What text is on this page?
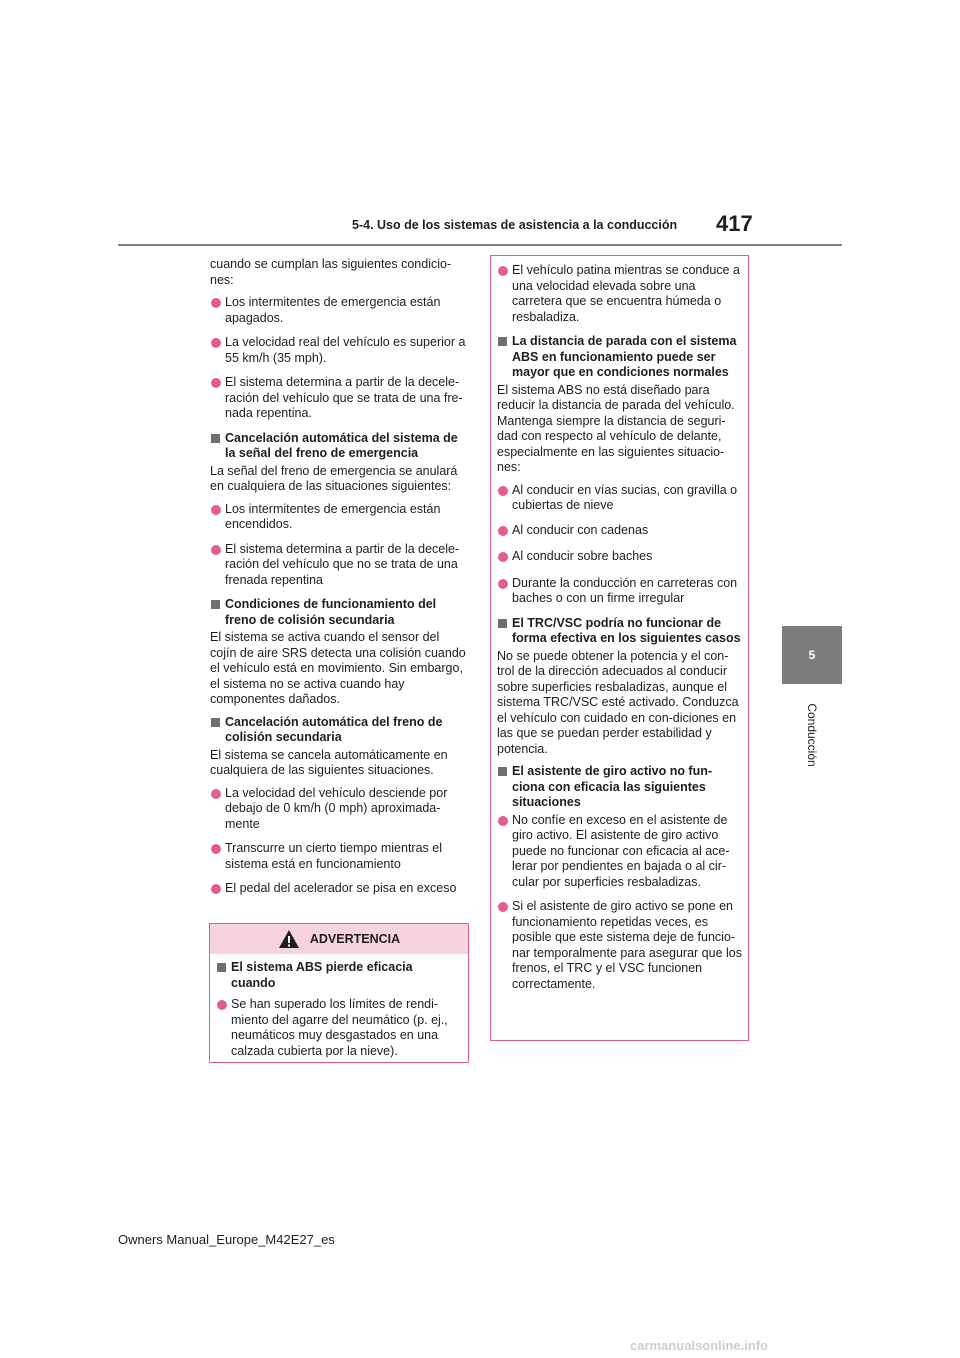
5-4. Uso de los sistemas de asistencia a la conducción	417
5
Conducción

cuando se cumplan las siguientes condicio-nes:

Los intermitentes de emergencia están apagados.
La velocidad real del vehículo es superior a 55 km/h (35 mph).
El sistema determina a partir de la decele-ración del vehículo que se trata de una fre-nada repentina.
Cancelación automática del sistema de la señal del freno de emergencia

La señal del freno de emergencia se anulará en cualquiera de las situaciones siguientes:

Los intermitentes de emergencia están encendidos.
El sistema determina a partir de la decele-ración del vehículo que no se trata de una frenada repentina
Condiciones de funcionamiento del freno de colisión secundaria

El sistema se activa cuando el sensor del cojín de aire SRS detecta una colisión cuando el vehículo está en movimiento. Sin embargo, el sistema no se activa cuando hay componentes dañados.

Cancelación automática del freno de colisión secundaria

El sistema se cancela automáticamente en cualquiera de las siguientes situaciones.

La velocidad del vehículo desciende por debajo de 0 km/h (0 mph) aproximada-mente
Transcurre un cierto tiempo mientras el sistema está en funcionamiento
El pedal del acelerador se pisa en exceso
ADVERTENCIA
El sistema ABS pierde eficacia cuando
Se han superado los límites de rendi-miento del agarre del neumático (p. ej., neumáticos muy desgastados en una calzada cubierta por la nieve).
El vehículo patina mientras se conduce a una velocidad elevada sobre una carretera que se encuentra húmeda o resbaladiza.
La distancia de parada con el sistema ABS en funcionamiento puede ser mayor que en condiciones normales

El sistema ABS no está diseñado para reducir la distancia de parada del vehículo. Mantenga siempre la distancia de seguri-dad con respecto al vehículo de delante, especialmente en las siguientes situacio-nes:

Al conducir en vías sucias, con gravilla o cubiertas de nieve
Al conducir con cadenas
Al conducir sobre baches
Durante la conducción en carreteras con baches o con un firme irregular
El TRC/VSC podría no funcionar de forma efectiva en los siguientes casos

No se puede obtener la potencia y el con-trol de la dirección adecuados al conducir sobre superficies resbaladizas, aunque el sistema TRC/VSC esté activado. Conduzca el vehículo con cuidado en con-diciones en las que se puedan perder estabilidad y potencia.

El asistente de giro activo no fun-ciona con eficacia las siguientes situaciones
No confíe en exceso en el asistente de giro activo. El asistente de giro activo puede no funcionar con eficacia al ace-lerar por pendientes en bajada o al cir-cular por superficies resbaladizas.
Si el asistente de giro activo se pone en funcionamiento repetidas veces, es posible que este sistema deje de funcio-nar temporalmente para asegurar que los frenos, el TRC y el VSC funcionen correctamente.
Owners Manual_Europe_M42E27_es
carmanualsonline.info
